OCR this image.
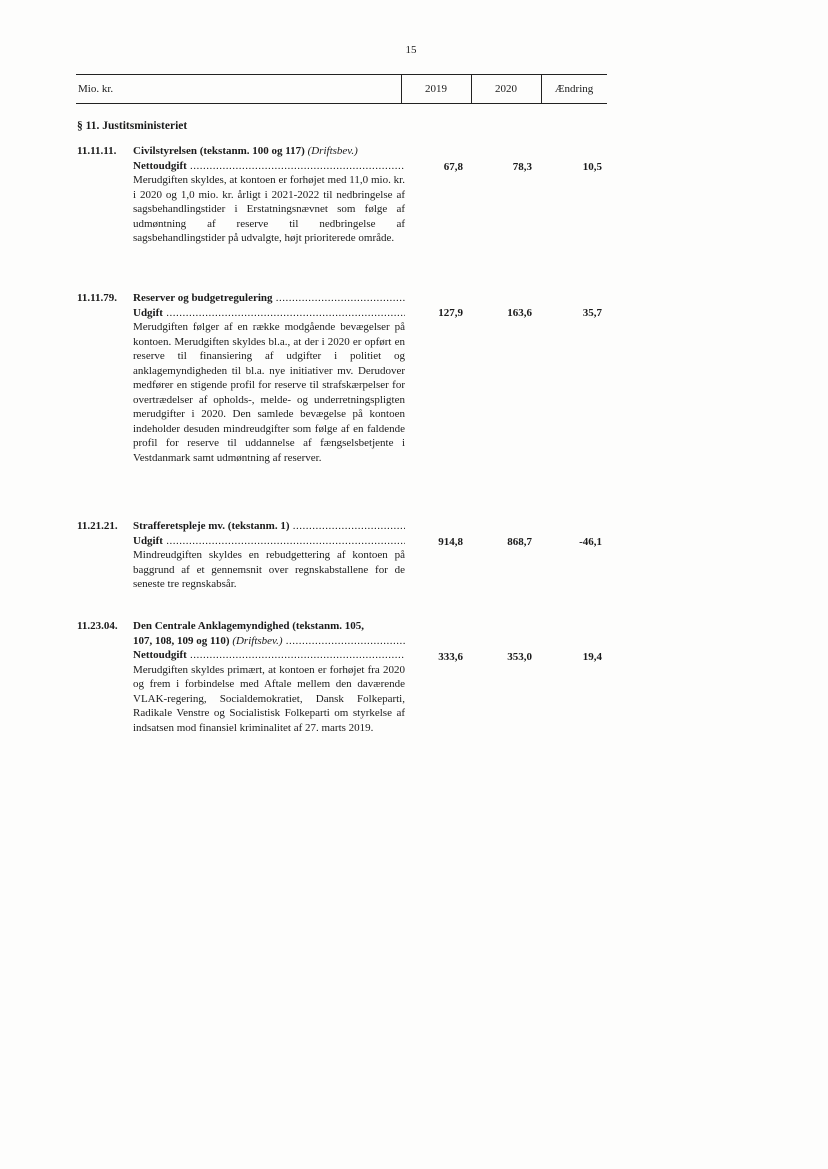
15
Mio. kr.	2019	2020	Ændring
§ 11. Justitsministeriet
11.11.11. Civilstyrelsen (tekstanm. 100 og 117) (Driftsbev.)
Nettoudgift .....
Merudgiften skyldes, at kontoen er forhøjet med 11,0 mio. kr. i 2020 og 1,0 mio. kr. årligt i 2021-2022 til nedbringelse af sagsbehandlingstider i Erstatningsnævnet som følge af udmøntning af reserve til nedbringelse af sagsbehandlingstider på udvalgte, højt prioriterede område.
67,8	78,3	10,5
11.11.79. Reserver og budgetregulering .....
Udgift .....
Merudgiften følger af en række modgående bevægelser på kontoen. Merudgiften skyldes bl.a., at der i 2020 er opført en reserve til finansiering af udgifter i politiet og anklagemyndigheden til bl.a. nye initiativer mv. Derudover medfører en stigende profil for reserve til strafskærpelser for overtrædelser af opholds-, melde- og underretningspligten merudgifter i 2020. Den samlede bevægelse på kontoen indeholder desuden mindreudgifter som følge af en faldende profil for reserve til uddannelse af fængselsbetjente i Vestdanmark samt udmøntning af reserver.
127,9	163,6	35,7
11.21.21. Strafferetspleje mv. (tekstanm. 1) .....
Udgift .....
Mindreudgiften skyldes en rebudgettering af kontoen på baggrund af et gennemsnit over regnskabstallene for de seneste tre regnskabsår.
914,8	868,7	-46,1
11.23.04. Den Centrale Anklagemyndighed (tekstanm. 105,
107, 108, 109 og 110) (Driftsbev.) .....
Nettoudgift .....
Merudgiften skyldes primært, at kontoen er forhøjet fra 2020 og frem i forbindelse med Aftale mellem den daværende VLAK-regering, Socialdemokratiet, Dansk Folkeparti, Radikale Venstre og Socialistisk Folkeparti om styrkelse af indsatsen mod finansiel kriminalitet af 27. marts 2019.
333,6	353,0	19,4
